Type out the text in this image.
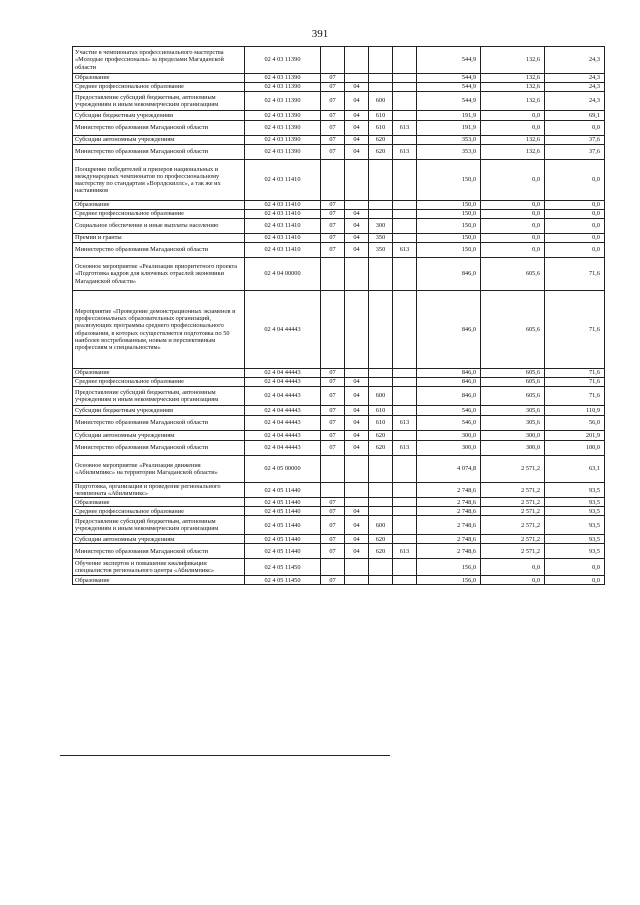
391
Участие в чемпионатах профессионального мастерства «Молодые профессионалы» за пределами Магаданской области	02 4 03 11390					544,9	132,6	24,3
Образование	02 4 03 11390	07				544,9	132,6	24,3
Среднее профессиональное образование	02 4 03 11390	07	04			544,9	132,6	24,3
Предоставление субсидий бюджетным, автономным учреждениям и иным некоммерческим организациям	02 4 03 11390	07	04	600		544,9	132,6	24,3
Субсидии бюджетным учреждениям	02 4 03 11390	07	04	610		191,9	0,0	69,1
Министерство образования Магаданской области	02 4 03 11390	07	04	610	613	191,9	0,0	0,0
Субсидии автономным учреждениям	02 4 03 11390	07	04	620		353,0	132,6	37,6
Министерство образования Магаданской области	02 4 03 11390	07	04	620	613	353,0	132,6	37,6
Поощрение победителей и призеров национальных и международных чемпионатов по профессиональному мастерству по стандартам «Ворлдскиллс», а так же их наставников	02 4 03 11410					150,0	0,0	0,0
Образование	02 4 03 11410	07				150,0	0,0	0,0
Среднее профессиональное образование	02 4 03 11410	07	04			150,0	0,0	0,0
Социальное обеспечение и иные выплаты населению	02 4 03 11410	07	04	300		150,0	0,0	0,0
Премии и гранты	02 4 03 11410	07	04	350		150,0	0,0	0,0
Министерство образования Магаданской области	02 4 03 11410	07	04	350	613	150,0	0,0	0,0
Основное мероприятие «Реализация приоритетного проекта «Подготовка кадров для ключевых отраслей экономики Магаданской области»	02 4 04 00000					846,0	605,6	71,6
Мероприятие «Проведение демонстрационных экзаменов и профессиональных образовательных организаций, реализующих программы среднего профессионального образования, в которых осуществляется подготовка по 50 наиболее востребованным, новым и перспективным профессиям и специальностям»	02 4 04 44443					846,0	605,6	71,6
Образование	02 4 04 44443	07				846,0	605,6	71,6
Среднее профессиональное образование	02 4 04 44443	07	04			846,0	605,6	71,6
Предоставление субсидий бюджетным, автономным учреждениям и иным некоммерческим организациям	02 4 04 44443	07	04	600		846,0	605,6	71,6
Субсидии бюджетным учреждениям	02 4 04 44443	07	04	610		546,0	305,6	110,9
Министерство образования Магаданской области	02 4 04 44443	07	04	610	613	546,0	305,6	56,0
Субсидии автономным учреждениям	02 4 04 44443	07	04	620		300,0	300,0	201,9
Министерство образования Магаданской области	02 4 04 44443	07	04	620	613	300,0	300,0	100,0
Основное мероприятие «Реализация движения «Абилимпикс» на территории Магаданской области»	02 4 05 00000					4 074,8	2 571,2	63,1
Подготовка, организация и проведение регионального чемпионата «Абилимпикс»	02 4 05 11440					2 748,6	2 571,2	93,5
Образование	02 4 05 11440	07				2 748,6	2 571,2	93,5
Среднее профессиональное образование	02 4 05 11440	07	04			2 748,6	2 571,2	93,5
Предоставление субсидий бюджетным, автономным учреждениям и иным некоммерческим организациям	02 4 05 11440	07	04	600		2 748,6	2 571,2	93,5
Субсидии автономным учреждениям	02 4 05 11440	07	04	620		2 748,6	2 571,2	93,5
Министерство образования Магаданской области	02 4 05 11440	07	04	620	613	2 748,6	2 571,2	93,5
Обучение экспертов и повышение квалификации специалистов регионального центра «Абилимпикс»	02 4 05 11450					156,0	0,0	0,0
Образование	02 4 05 11450	07				156,0	0,0	0,0
